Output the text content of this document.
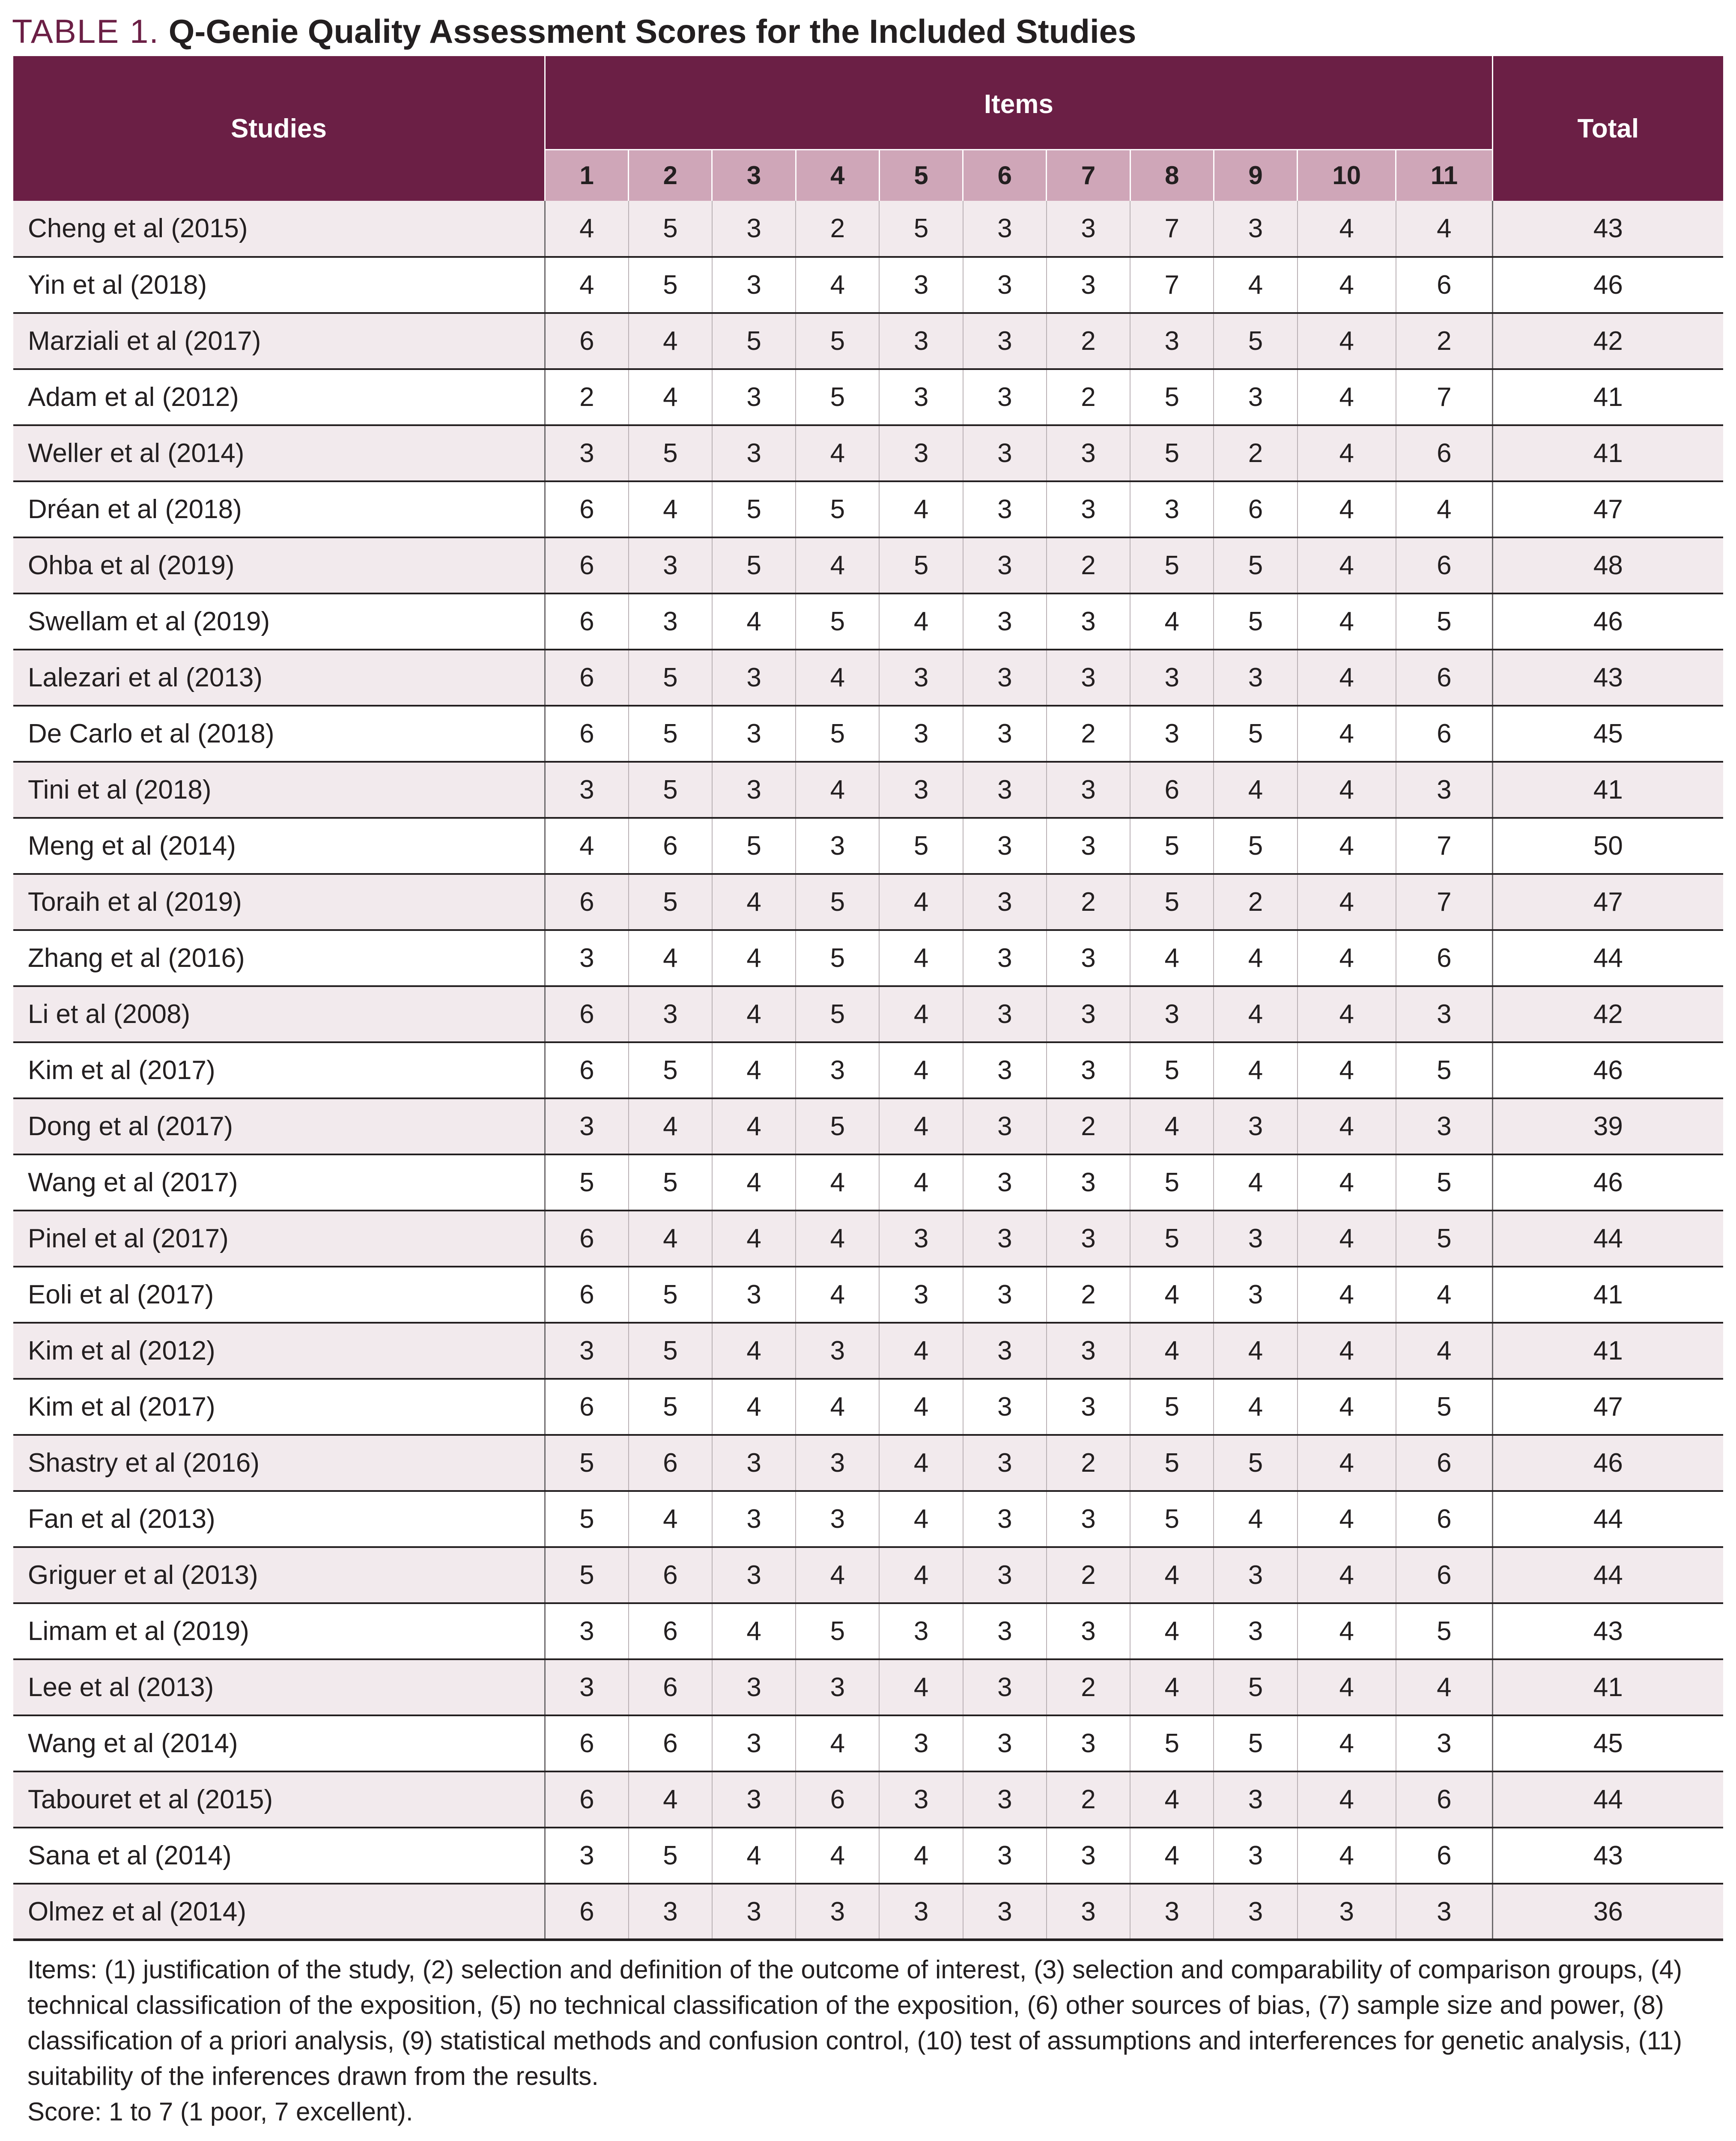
TABLE 1. Q-Genie Quality Assessment Scores for the Included Studies
Studies	Items											Total
	1	2	3	4	5	6	7	8	9	10	11	
Cheng et al (2015)	4	5	3	2	5	3	3	7	3	4	4	43
Yin et al (2018)	4	5	3	4	3	3	3	7	4	4	6	46
Marziali et al (2017)	6	4	5	5	3	3	2	3	5	4	2	42
Adam et al (2012)	2	4	3	5	3	3	2	5	3	4	7	41
Weller et al (2014)	3	5	3	4	3	3	3	5	2	4	6	41
Dréan et al (2018)	6	4	5	5	4	3	3	3	6	4	4	47
Ohba et al (2019)	6	3	5	4	5	3	2	5	5	4	6	48
Swellam et al (2019)	6	3	4	5	4	3	3	4	5	4	5	46
Lalezari et al (2013)	6	5	3	4	3	3	3	3	3	4	6	43
De Carlo et al (2018)	6	5	3	5	3	3	2	3	5	4	6	45
Tini et al (2018)	3	5	3	4	3	3	3	6	4	4	3	41
Meng et al (2014)	4	6	5	3	5	3	3	5	5	4	7	50
Toraih et al (2019)	6	5	4	5	4	3	2	5	2	4	7	47
Zhang et al (2016)	3	4	4	5	4	3	3	4	4	4	6	44
Li et al (2008)	6	3	4	5	4	3	3	3	4	4	3	42
Kim et al (2017)	6	5	4	3	4	3	3	5	4	4	5	46
Dong et al (2017)	3	4	4	5	4	3	2	4	3	4	3	39
Wang et al (2017)	5	5	4	4	4	3	3	5	4	4	5	46
Pinel et al (2017)	6	4	4	4	3	3	3	5	3	4	5	44
Eoli et al (2017)	6	5	3	4	3	3	2	4	3	4	4	41
Kim et al (2012)	3	5	4	3	4	3	3	4	4	4	4	41
Kim et al (2017)	6	5	4	4	4	3	3	5	4	4	5	47
Shastry et al (2016)	5	6	3	3	4	3	2	5	5	4	6	46
Fan et al (2013)	5	4	3	3	4	3	3	5	4	4	6	44
Griguer et al (2013)	5	6	3	4	4	3	2	4	3	4	6	44
Limam et al (2019)	3	6	4	5	3	3	3	4	3	4	5	43
Lee et al (2013)	3	6	3	3	4	3	2	4	5	4	4	41
Wang et al (2014)	6	6	3	4	3	3	3	5	5	4	3	45
Tabouret et al (2015)	6	4	3	6	3	3	2	4	3	4	6	44
Sana et al (2014)	3	5	4	4	4	3	3	4	3	4	6	43
Olmez et al (2014)	6	3	3	3	3	3	3	3	3	3	3	36

Items: (1) justification of the study, (2) selection and definition of the outcome of interest, (3) selection and comparability of comparison groups, (4) technical classification of the exposition, (5) no technical classification of the exposition, (6) other sources of bias, (7) sample size and power, (8) classification of a priori analysis, (9) statistical methods and confusion control, (10) test of assumptions and interferences for genetic analysis, (11) suitability of the inferences drawn from the results.

Score: 1 to 7 (1 poor, 7 excellent).
